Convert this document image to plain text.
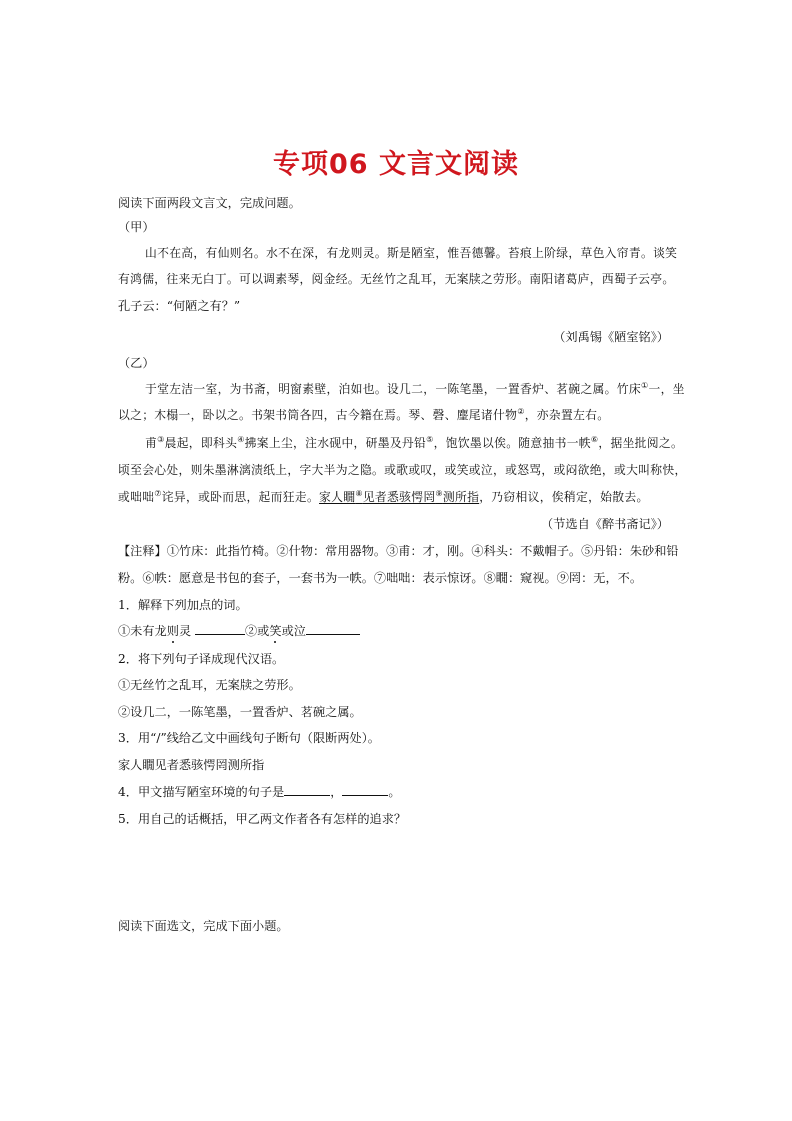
专项06 文言文阅读
阅读下面两段文言文，完成问题。
（甲）
山不在高，有仙则名。水不在深，有龙则灵。斯是陋室，惟吾德馨。苔痕上阶绿，草色入帘青。谈笑
有鸿儒，往来无白丁。可以调素琴，阅金经。无丝竹之乱耳，无案牍之劳形。南阳诸葛庐，西蜀子云亭。
孔子云：“何陋之有？”
（刘禹锡《陋室铭》）
（乙）
于堂左洁一室，为书斋，明窗素壁，泊如也。设几二，一陈笔墨，一置香炉、茗碗之属。竹床①一，坐
以之；木榻一，卧以之。书架书筒各四，古今籍在焉。琴、磬、麈尾诸什物②，亦杂置左右。
甫③晨起，即科头④拂案上尘，注水砚中，研墨及丹铅⑤，饱饮墨以俟。随意抽书一帙⑥，据坐批阅之。
顷至会心处，则朱墨淋漓渍纸上，字大半为之隐。或歌或叹，或笑或泣，或怒骂，或闷欲绝，或大叫称快，
或咄咄⑦诧异，或卧而思，起而狂走。家人瞯⑧见者悉骇愕罔⑨测所指，乃窃相议，俟稍定，始散去。
（节选自《醉书斋记》）
【注释】①竹床：此指竹椅。②什物：常用器物。③甫：才，刚。④科头：不戴帽子。⑤丹铅：朱砂和铅
粉。⑥帙：愿意是书包的套子，一套书为一帙。⑦咄咄：表示惊讶。⑧瞯：窥视。⑨罔：无，不。
1．解释下列加点的词。
①未有龙则灵	②或笑或泣
2．将下列句子译成现代汉语。
①无丝竹之乱耳，无案牍之劳形。
②设几二，一陈笔墨，一置香炉、茗碗之属。
3．用“/”线给乙文中画线句子断句（限断两处）。
家人瞯见者悉骇愕罔测所指
4．甲文描写陋室环境的句子是	，	。
5．用自己的话概括，甲乙两文作者各有怎样的追求？
阅读下面选文，完成下面小题。
